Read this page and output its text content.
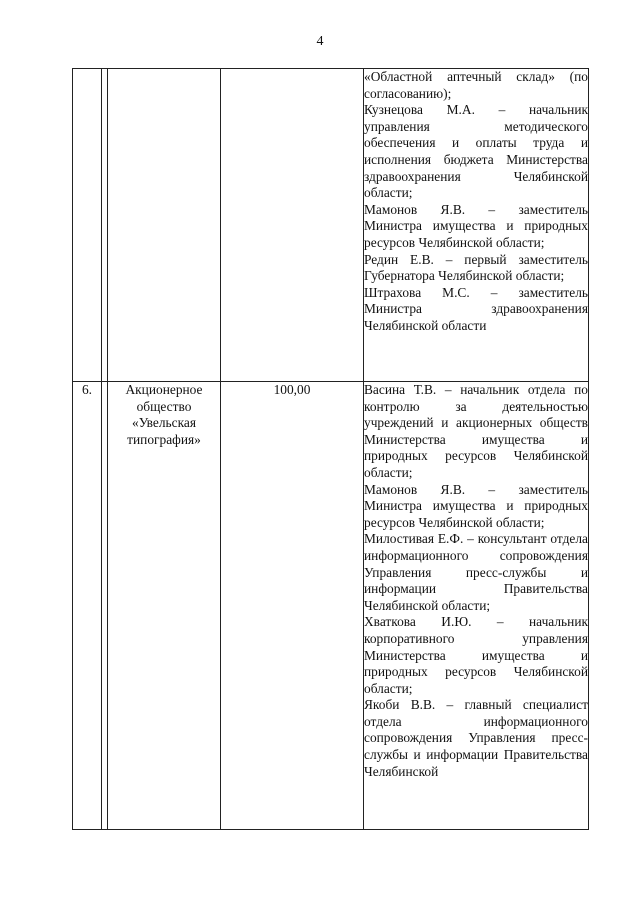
4

				«Областной аптечный склад» (по согласованию);
Кузнецова М.А. – начальник управления методического обеспечения и оплаты труда и исполнения бюджета Министерства здравоохранения Челябинской области;
Мамонов Я.В. – заместитель Министра имущества и природных ресурсов Челябинской области;
Редин Е.В. – первый заместитель Губернатора Челябинской области;
Штрахова М.С. – заместитель Министра здравоохранения Челябинской области

6.		Акционерное общество «Увельская типография»	100,00	Васина Т.В. – начальник отдела по контролю за деятельностью учреждений и акционерных обществ Министерства имущества и природных ресурсов Челябинской области;
Мамонов Я.В. – заместитель Министра имущества и природных ресурсов Челябинской области;
Милостивая Е.Ф. – консультант отдела информационного сопровождения Управления пресс-службы и информации Правительства Челябинской области;
Хваткова И.Ю. – начальник корпоративного управления Министерства имущества и природных ресурсов Челябинской области;
Якоби В.В. – главный специалист отдела информационного сопровождения Управления пресс-службы и информации Правительства Челябинской
